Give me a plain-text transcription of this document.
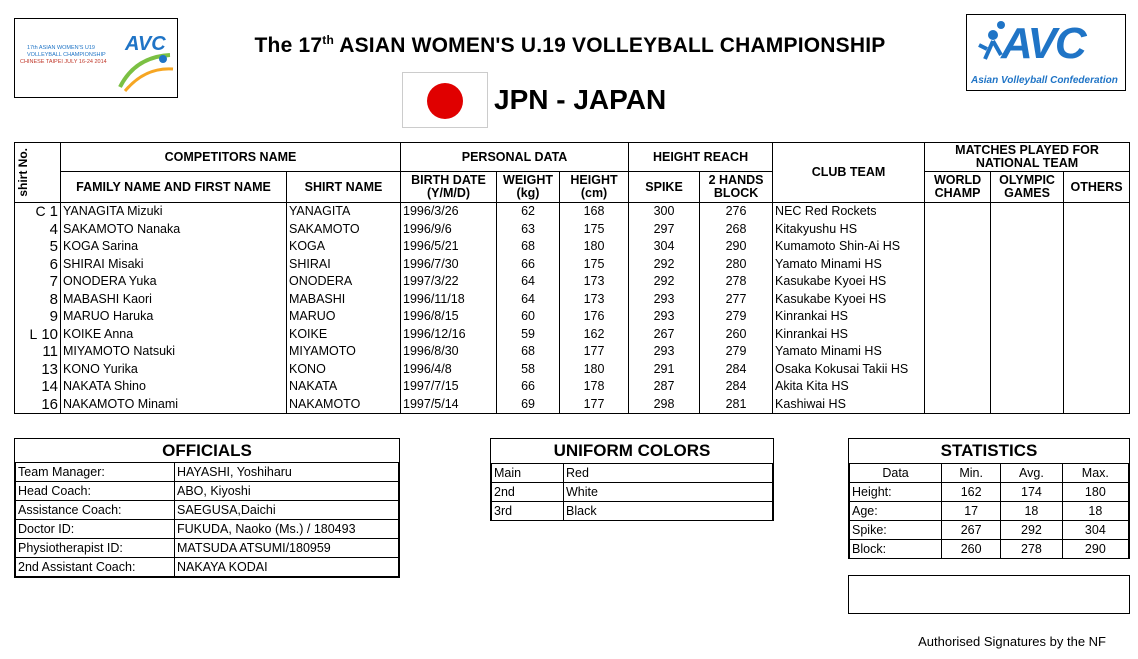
AVC
17th ASIAN WOMEN'S U19
VOLLEYBALL CHAMPIONSHIP
CHINESE TAIPEI JULY 16-24 2014
The 17th ASIAN WOMEN'S U.19 VOLLEYBALL CHAMPIONSHIP	AVC
Asian Volleyball Confederation
JPN - JAPAN
shirt No.	COMPETITORS NAME		PERSONAL DATA			HEIGHT REACH		CLUB TEAM	MATCHES PLAYED FOR NATIONAL TEAM		
	FAMILY NAME AND FIRST NAME	SHIRT NAME	BIRTH DATE (Y/M/D)	WEIGHT (kg)	HEIGHT (cm)	SPIKE	2 HANDS BLOCK		WORLD CHAMP	OLYMPIC GAMES	OTHERS
C 1	YANAGITA Mizuki	YANAGITA	1996/3/26	62	168	300	276	NEC Red Rockets			
4	SAKAMOTO Nanaka	SAKAMOTO	1996/9/6	63	175	297	268	Kitakyushu HS			
5	KOGA Sarina	KOGA	1996/5/21	68	180	304	290	Kumamoto Shin-Ai HS			
6	SHIRAI Misaki	SHIRAI	1996/7/30	66	175	292	280	Yamato Minami HS			
7	ONODERA Yuka	ONODERA	1997/3/22	64	173	292	278	Kasukabe Kyoei HS			
8	MABASHI Kaori	MABASHI	1996/11/18	64	173	293	277	Kasukabe Kyoei HS			
9	MARUO Haruka	MARUO	1996/8/15	60	176	293	279	Kinrankai HS			
L 10	KOIKE Anna	KOIKE	1996/12/16	59	162	267	260	Kinrankai HS			
11	MIYAMOTO Natsuki	MIYAMOTO	1996/8/30	68	177	293	279	Yamato Minami HS			
13	KONO Yurika	KONO	1996/4/8	58	180	291	284	Osaka Kokusai Takii HS			
14	NAKATA Shino	NAKATA	1997/7/15	66	178	287	284	Akita Kita HS			
16	NAKAMOTO Minami	NAKAMOTO	1997/5/14	69	177	298	281	Kashiwai HS			
OFFICIALS
Team Manager:	HAYASHI, Yoshiharu
Head Coach:	ABO, Kiyoshi
Assistance Coach:	SAEGUSA,Daichi
Doctor ID:	FUKUDA, Naoko (Ms.) / 180493
Physiotherapist ID:	MATSUDA ATSUMI/180959
2nd Assistant Coach:	NAKAYA KODAI
UNIFORM COLORS
Main	Red
2nd	White
3rd	Black
STATISTICS
Data	Min.	Avg.	Max.
Height:	162	174	180
Age:	17	18	18
Spike:	267	292	304
Block:	260	278	290
Authorised Signatures by the NF
